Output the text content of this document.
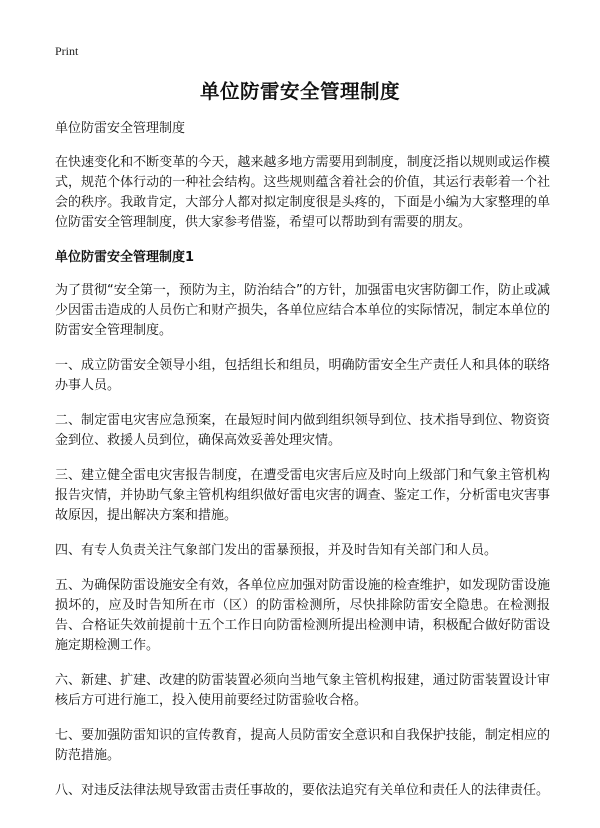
Print
单位防雷安全管理制度

单位防雷安全管理制度

在快速变化和不断变革的今天，越来越多地方需要用到制度，制度泛指以规则或运作模式，规范个体行动的一种社会结构。这些规则蕴含着社会的价值，其运行表彰着一个社会的秩序。我敢肯定，大部分人都对拟定制度很是头疼的，下面是小编为大家整理的单位防雷安全管理制度，供大家参考借鉴，希望可以帮助到有需要的朋友。

单位防雷安全管理制度1

为了贯彻“安全第一，预防为主，防治结合”的方针，加强雷电灾害防御工作，防止或减少因雷击造成的人员伤亡和财产损失，各单位应结合本单位的实际情况，制定本单位的防雷安全管理制度。

一、成立防雷安全领导小组，包括组长和组员，明确防雷安全生产责任人和具体的联络办事人员。

二、制定雷电灾害应急预案，在最短时间内做到组织领导到位、技术指导到位、物资资金到位、救援人员到位，确保高效妥善处理灾情。

三、建立健全雷电灾害报告制度，在遭受雷电灾害后应及时向上级部门和气象主管机构报告灾情，并协助气象主管机构组织做好雷电灾害的调查、鉴定工作，分析雷电灾害事故原因，提出解决方案和措施。

四、有专人负责关注气象部门发出的雷暴预报，并及时告知有关部门和人员。

五、为确保防雷设施安全有效，各单位应加强对防雷设施的检查维护，如发现防雷设施损坏的，应及时告知所在市（区）的防雷检测所，尽快排除防雷安全隐患。在检测报告、合格证失效前提前十五个工作日向防雷检测所提出检测申请，积极配合做好防雷设施定期检测工作。

六、新建、扩建、改建的防雷装置必须向当地气象主管机构报建，通过防雷装置设计审核后方可进行施工，投入使用前要经过防雷验收合格。

七、要加强防雷知识的宣传教育，提高人员防雷安全意识和自我保护技能，制定相应的防范措施。

八、对违反法律法规导致雷击责任事故的，要依法追究有关单位和责任人的法律责任。
